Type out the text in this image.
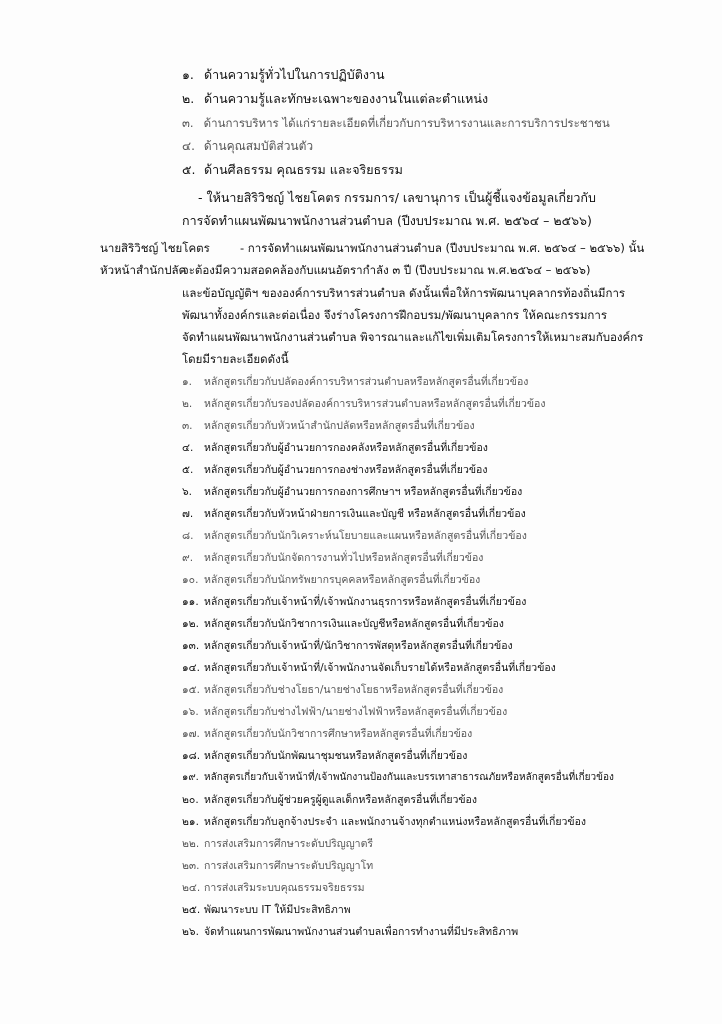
๑. ด้านความรู้ทั่วไปในการปฏิบัติงาน
๒. ด้านความรู้และทักษะเฉพาะของงานในแต่ละตำแหน่ง
๓. ด้านการบริหาร ได้แก่รายละเอียดที่เกี่ยวกับการบริหารงานและการบริการประชาชน
๔. ด้านคุณสมบัติส่วนตัว
๕. ด้านศีลธรรม คุณธรรม และจริยธรรม
- ให้นายสิริวิชญ์ ไชยโคตร กรรมการ/ เลขานุการ เป็นผู้ชี้แจงข้อมูลเกี่ยวกับ
การจัดทำแผนพัฒนาพนักงานส่วนตำบล (ปีงบประมาณ พ.ศ. ๒๕๖๔ – ๒๕๖๖)
นายสิริวิชญ์ ไชยโคตร
หัวหน้าสำนักปลัด
- การจัดทำแผนพัฒนาพนักงานส่วนตำบล (ปีงบประมาณ พ.ศ. ๒๕๖๔ – ๒๕๖๖) นั้น
จะต้องมีความสอดคล้องกับแผนอัตรากำลัง ๓ ปี (ปีงบประมาณ พ.ศ.๒๕๖๔ – ๒๕๖๖)
และข้อบัญญัติฯ ขององค์การบริหารส่วนตำบล ดังนั้นเพื่อให้การพัฒนาบุคลากรท้องถิ่นมีการ
พัฒนาทั้งองค์กรและต่อเนื่อง จึงร่างโครงการฝึกอบรม/พัฒนาบุคลากร ให้คณะกรรมการ
จัดทำแผนพัฒนาพนักงานส่วนตำบล พิจารณาและแก้ไขเพิ่มเติมโครงการให้เหมาะสมกับองค์กร
โดยมีรายละเอียดดังนี้
๑. หลักสูตรเกี่ยวกับปลัดองค์การบริหารส่วนตำบลหรือหลักสูตรอื่นที่เกี่ยวข้อง
๒. หลักสูตรเกี่ยวกับรองปลัดองค์การบริหารส่วนตำบลหรือหลักสูตรอื่นที่เกี่ยวข้อง
๓. หลักสูตรเกี่ยวกับหัวหน้าสำนักปลัดหรือหลักสูตรอื่นที่เกี่ยวข้อง
๔. หลักสูตรเกี่ยวกับผู้อำนวยการกองคลังหรือหลักสูตรอื่นที่เกี่ยวข้อง
๕. หลักสูตรเกี่ยวกับผู้อำนวยการกองช่างหรือหลักสูตรอื่นที่เกี่ยวข้อง
๖. หลักสูตรเกี่ยวกับผู้อำนวยการกองการศึกษาฯ หรือหลักสูตรอื่นที่เกี่ยวข้อง
๗. หลักสูตรเกี่ยวกับหัวหน้าฝ่ายการเงินและบัญชี หรือหลักสูตรอื่นที่เกี่ยวข้อง
๘. หลักสูตรเกี่ยวกับนักวิเคราะห์นโยบายและแผนหรือหลักสูตรอื่นที่เกี่ยวข้อง
๙. หลักสูตรเกี่ยวกับนักจัดการงานทั่วไปหรือหลักสูตรอื่นที่เกี่ยวข้อง
๑๐. หลักสูตรเกี่ยวกับนักทรัพยากรบุคคลหรือหลักสูตรอื่นที่เกี่ยวข้อง
๑๑. หลักสูตรเกี่ยวกับเจ้าหน้าที่/เจ้าพนักงานธุรการหรือหลักสูตรอื่นที่เกี่ยวข้อง
๑๒. หลักสูตรเกี่ยวกับนักวิชาการเงินและบัญชีหรือหลักสูตรอื่นที่เกี่ยวข้อง
๑๓. หลักสูตรเกี่ยวกับเจ้าหน้าที่/นักวิชาการพัสดุหรือหลักสูตรอื่นที่เกี่ยวข้อง
๑๔. หลักสูตรเกี่ยวกับเจ้าหน้าที่/เจ้าพนักงานจัดเก็บรายได้หรือหลักสูตรอื่นที่เกี่ยวข้อง
๑๕. หลักสูตรเกี่ยวกับช่างโยธา/นายช่างโยธาหรือหลักสูตรอื่นที่เกี่ยวข้อง
๑๖. หลักสูตรเกี่ยวกับช่างไฟฟ้า/นายช่างไฟฟ้าหรือหลักสูตรอื่นที่เกี่ยวข้อง
๑๗. หลักสูตรเกี่ยวกับนักวิชาการศึกษาหรือหลักสูตรอื่นที่เกี่ยวข้อง
๑๘. หลักสูตรเกี่ยวกับนักพัฒนาชุมชนหรือหลักสูตรอื่นที่เกี่ยวข้อง
๑๙. หลักสูตรเกี่ยวกับเจ้าหน้าที่/เจ้าพนักงานป้องกันและบรรเทาสาธารณภัยหรือหลักสูตรอื่นที่เกี่ยวข้อง
๒๐. หลักสูตรเกี่ยวกับผู้ช่วยครูผู้ดูแลเด็กหรือหลักสูตรอื่นที่เกี่ยวข้อง
๒๑. หลักสูตรเกี่ยวกับลูกจ้างประจำ และพนักงานจ้างทุกตำแหน่งหรือหลักสูตรอื่นที่เกี่ยวข้อง
๒๒. การส่งเสริมการศึกษาระดับปริญญาตรี
๒๓. การส่งเสริมการศึกษาระดับปริญญาโท
๒๔. การส่งเสริมระบบคุณธรรมจริยธรรม
๒๕. พัฒนาระบบ IT ให้มีประสิทธิภาพ
๒๖. จัดทำแผนการพัฒนาพนักงานส่วนตำบลเพื่อการทำงานที่มีประสิทธิภาพ
